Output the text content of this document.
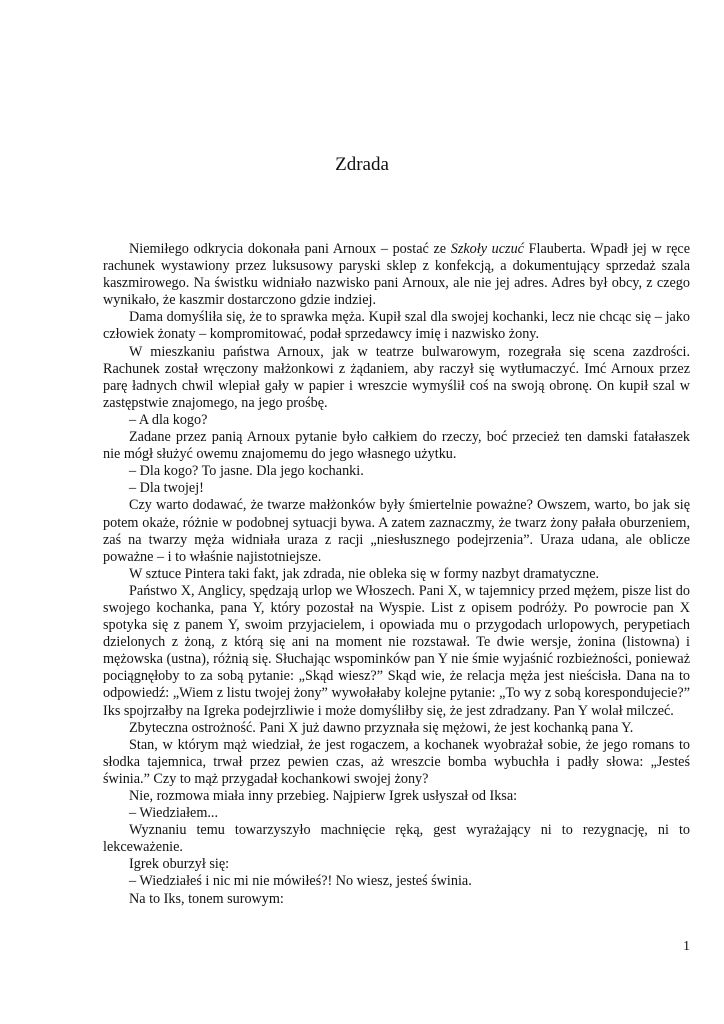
Zdrada

Niemiłego odkrycia dokonała pani Arnoux – postać ze Szkoły uczuć Flauberta. Wpadł jej w ręce rachunek wystawiony przez luksusowy paryski sklep z konfekcją, a dokumentujący sprzedaż szala kaszmirowego. Na świstku widniało nazwisko pani Arnoux, ale nie jej adres. Adres był obcy, z czego wynikało, że kaszmir dostarczono gdzie indziej.

Dama domyśliła się, że to sprawka męża. Kupił szal dla swojej kochanki, lecz nie chcąc się – jako człowiek żonaty – kompromitować, podał sprzedawcy imię i nazwisko żony.

W mieszkaniu państwa Arnoux, jak w teatrze bulwarowym, rozegrała się scena zazdrości. Rachunek został wręczony małżonkowi z żądaniem, aby raczył się wytłumaczyć. Imć Arnoux przez parę ładnych chwil wlepiał gały w papier i wreszcie wymyślił coś na swoją obronę. On kupił szal w zastępstwie znajomego, na jego prośbę.

– A dla kogo?

Zadane przez panią Arnoux pytanie było całkiem do rzeczy, boć przecież ten damski fatałaszek nie mógł służyć owemu znajomemu do jego własnego użytku.

– Dla kogo? To jasne. Dla jego kochanki.

– Dla twojej!

Czy warto dodawać, że twarze małżonków były śmiertelnie poważne? Owszem, warto, bo jak się potem okaże, różnie w podobnej sytuacji bywa. A zatem zaznaczmy, że twarz żony pałała oburzeniem, zaś na twarzy męża widniała uraza z racji „niesłusznego podejrzenia”. Uraza udana, ale oblicze poważne – i to właśnie najistotniejsze.

W sztuce Pintera taki fakt, jak zdrada, nie obleka się w formy nazbyt dramatyczne.

Państwo X, Anglicy, spędzają urlop we Włoszech. Pani X, w tajemnicy przed mężem, pisze list do swojego kochanka, pana Y, który pozostał na Wyspie. List z opisem podróży. Po powrocie pan X spotyka się z panem Y, swoim przyjacielem, i opowiada mu o przygodach urlopowych, perypetiach dzielonych z żoną, z którą się ani na moment nie rozstawał. Te dwie wersje, żonina (listowna) i mężowska (ustna), różnią się. Słuchając wspominków pan Y nie śmie wyjaśnić rozbieżności, ponieważ pociągnęłoby to za sobą pytanie: „Skąd wiesz?” Skąd wie, że relacja męża jest nieścisła. Dana na to odpowiedź: „Wiem z listu twojej żony” wywołałaby kolejne pytanie: „To wy z sobą korespondujecie?” Iks spojrzałby na Igreka podejrzliwie i może domyśliłby się, że jest zdradzany. Pan Y wolał milczeć.

Zbyteczna ostrożność. Pani X już dawno przyznała się mężowi, że jest kochanką pana Y.

Stan, w którym mąż wiedział, że jest rogaczem, a kochanek wyobrażał sobie, że jego romans to słodka tajemnica, trwał przez pewien czas, aż wreszcie bomba wybuchła i padły słowa: „Jesteś świnia.” Czy to mąż przygadał kochankowi swojej żony?

Nie, rozmowa miała inny przebieg. Najpierw Igrek usłyszał od Iksa:

– Wiedziałem...

Wyznaniu temu towarzyszyło machnięcie ręką, gest wyrażający ni to rezygnację, ni to lekceważenie.

Igrek oburzył się:

– Wiedziałeś i nic mi nie mówiłeś?! No wiesz, jesteś świnia.

Na to Iks, tonem surowym:

1
